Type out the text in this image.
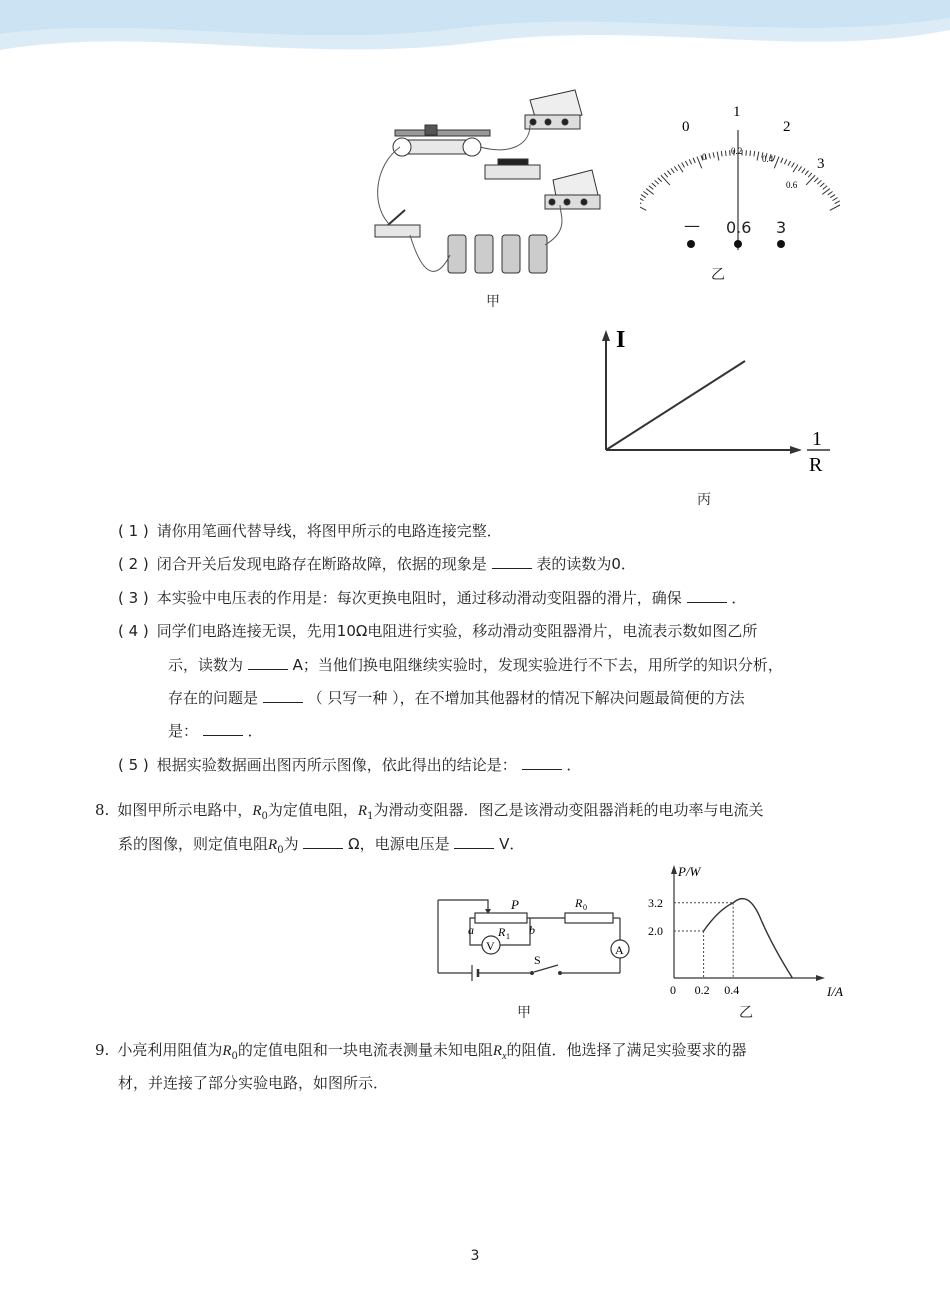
甲
0
1
2
3
0
0.2
0.4
0.6
— 0.6 3
乙
I
1
R
丙
( 1 ) 请你用笔画代替导线，将图甲所示的电路连接完整．
( 2 ) 闭合开关后发现电路存在断路故障，依据的现象是	表的读数为0．
( 3 ) 本实验中电压表的作用是：每次更换电阻时，通过移动滑动变阻器的滑片，确保	．
( 4 ) 同学们电路连接无误，先用10Ω电阻进行实验，移动滑动变阻器滑片，电流表示数如图乙所
示，读数为	A；当他们换电阻继续实验时，发现实验进行不下去，用所学的知识分析，
存在的问题是	（ 只写一种 ），在不增加其他器材的情况下解决问题最简便的方法
是：	．
( 5 ) 根据实验数据画出图丙所示图像，依此得出的结论是：	．
8. 如图甲所示电路中，$R_0$为定值电阻，$R_1$为滑动变阻器．图乙是该滑动变阻器消耗的电功率与电流关
系的图像，则定值电阻$R_0$为	Ω，电源电压是	V．
P	R 0
a	b
R 1
V	A
S
甲
P/W
I/A
2.0
3.2
0 0.2 0.4
乙
9. 小亮利用阻值为$R_0$的定值电阻和一块电流表测量未知电阻$R_x$的阻值．他选择了满足实验要求的器
材，并连接了部分实验电路，如图所示．
3
